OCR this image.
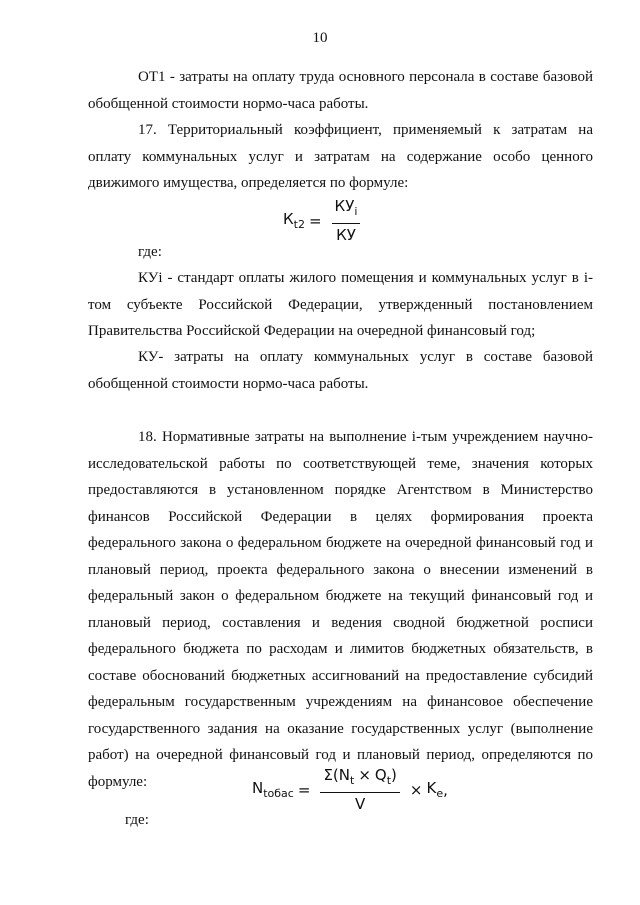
10
ОТ1 - затраты на оплату труда основного персонала в составе базовой обобщенной стоимости нормо-часа работы.
17. Территориальный коэффициент, применяемый к затратам на оплату коммунальных услуг и затратам на содержание особо ценного движимого имущества, определяется по формуле:
$К_{t2} = \frac{КУ_i}{КУ}$
где:
КУi - стандарт оплаты жилого помещения и коммунальных услуг в i-том субъекте Российской Федерации, утвержденный постановлением Правительства Российской Федерации на очередной финансовый год;
КУ- затраты на оплату коммунальных услуг в составе базовой обобщенной стоимости нормо-часа работы.
18. Нормативные затраты на выполнение i-тым учреждением научно-исследовательской работы по соответствующей теме, значения которых предоставляются в установленном порядке Агентством в Министерство финансов Российской Федерации в целях формирования проекта федерального закона о федеральном бюджете на очередной финансовый год и плановый период, проекта федерального закона о внесении изменений в федеральный закон о федеральном бюджете на текущий финансовый год и плановый период, составления и ведения сводной бюджетной росписи федерального бюджета по расходам и лимитов бюджетных обязательств, в составе обоснований бюджетных ассигнований на предоставление субсидий федеральным государственным учреждениям на финансовое обеспечение государственного задания на оказание государственных услуг (выполнение работ) на очередной финансовый год и плановый период, определяются по формуле:	$N_{tобас} = \frac{\Sigma(N_t \times Q_t)}{V} \times K_e$ ,
где:
